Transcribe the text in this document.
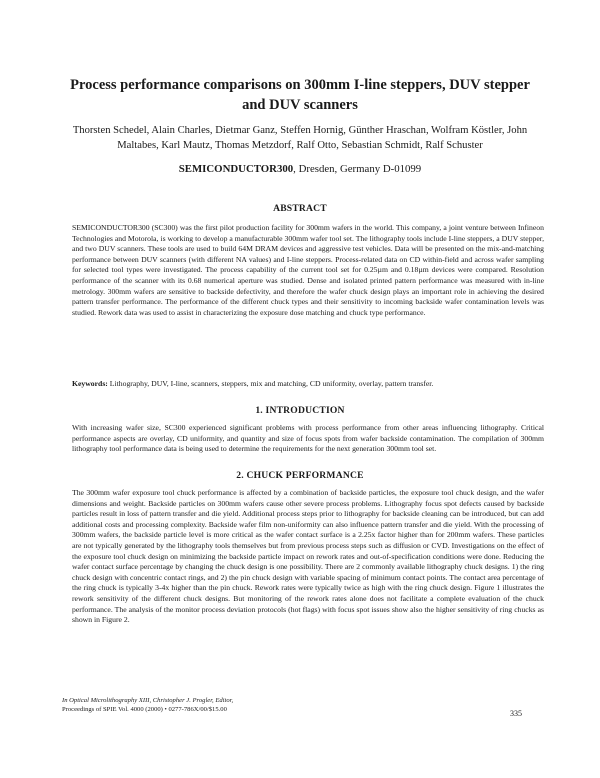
Process performance comparisons on 300mm I-line steppers, DUV stepper and DUV scanners
Thorsten Schedel, Alain Charles, Dietmar Ganz, Steffen Hornig, Günther Hraschan, Wolfram Köstler, John Maltabes, Karl Mautz, Thomas Metzdorf, Ralf Otto, Sebastian Schmidt, Ralf Schuster
SEMICONDUCTOR300, Dresden, Germany D-01099
ABSTRACT

SEMICONDUCTOR300 (SC300) was the first pilot production facility for 300mm wafers in the world. This company, a joint venture between Infineon Technologies and Motorola, is working to develop a manufacturable 300mm wafer tool set. The lithography tools include I-line steppers, a DUV stepper, and two DUV scanners. These tools are used to build 64M DRAM devices and aggressive test vehicles. Data will be presented on the mix-and-matching performance between DUV scanners (with different NA values) and I-line steppers. Process-related data on CD within-field and across wafer sampling for selected tool types were investigated. The process capability of the current tool set for 0.25µm and 0.18µm devices were compared. Resolution performance of the scanner with its 0.68 numerical aperture was studied. Dense and isolated printed pattern performance was measured with in-line metrology. 300mm wafers are sensitive to backside defectivity, and therefore the wafer chuck design plays an important role in achieving the desired pattern transfer performance. The performance of the different chuck types and their sensitivity to incoming backside wafer contamination levels was studied. Rework data was used to assist in characterizing the exposure dose matching and chuck type performance.

Keywords: Lithography, DUV, I-line, scanners, steppers, mix and matching, CD uniformity, overlay, pattern transfer.
1. INTRODUCTION

With increasing wafer size, SC300 experienced significant problems with process performance from other areas influencing lithography. Critical performance aspects are overlay, CD uniformity, and quantity and size of focus spots from wafer backside contamination. The compilation of 300mm lithography tool performance data is being used to determine the requirements for the next generation 300mm tool set.

2. CHUCK PERFORMANCE

The 300mm wafer exposure tool chuck performance is affected by a combination of backside particles, the exposure tool chuck design, and the wafer dimensions and weight. Backside particles on 300mm wafers cause other severe process problems. Lithography focus spot defects caused by backside particles result in loss of pattern transfer and die yield. Additional process steps prior to lithography for backside cleaning can be introduced, but can add additional costs and processing complexity. Backside wafer film non-uniformity can also influence pattern transfer and die yield. With the processing of 300mm wafers, the backside particle level is more critical as the wafer contact surface is a 2.25x factor higher than for 200mm wafers. These particles are not typically generated by the lithography tools themselves but from previous process steps such as diffusion or CVD. Investigations on the effect of the exposure tool chuck design on minimizing the backside particle impact on rework rates and out-of-specification conditions were done. Reducing the wafer contact surface percentage by changing the chuck design is one possibility. There are 2 commonly available lithography chuck designs. 1) the ring chuck design with concentric contact rings, and 2) the pin chuck design with variable spacing of minimum contact points. The contact area percentage of the ring chuck is typically 3-4x higher than the pin chuck. Rework rates were typically twice as high with the ring chuck design. Figure 1 illustrates the rework sensitivity of the different chuck designs. But monitoring of the rework rates alone does not facilitate a complete evaluation of the chuck performance. The analysis of the monitor process deviation protocols (hot flags) with focus spot issues show also the higher sensitivity of ring chucks as shown in Figure 2.

In Optical Microlithography XIII, Christopher J. Progler, Editor,
Proceedings of SPIE Vol. 4000 (2000) • 0277-786X/00/$15.00	335
